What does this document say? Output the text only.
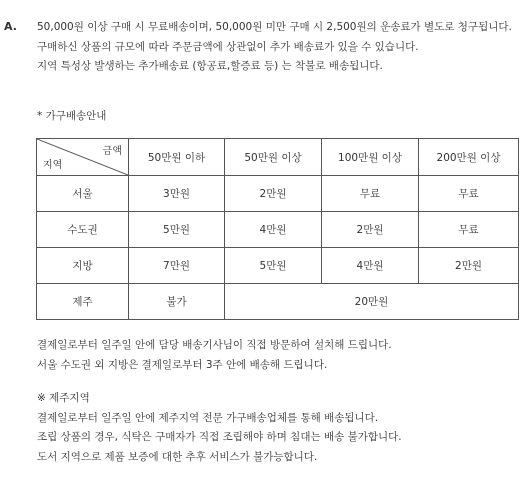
A. 50,000원 이상 구매 시 무료배송이며, 50,000원 미만 구매 시 2,500원의 운송료가 별도로 청구됩니다.
구매하신 상품의 규모에 따라 주문금액에 상관없이 추가 배송료가 있을 수 있습니다.
지역 특성상 발생하는 추가배송료 (항공료,할증료 등) 는 착불로 배송됩니다.
* 가구배송안내
금액
지역	50만원 이하	50만원 이상	100만원 이상	200만원 이상
서울	3만원	2만원	무료	무료
수도권	5만원	4만원	2만원	무료
지방	7만원	5만원	4만원	2만원
제주	불가	20만원		
결제일로부터 일주일 안에 담당 배송기사님이 직접 방문하여 설치해 드립니다.
서울 수도권 외 지방은 결제일로부터 3주 안에 배송해 드립니다.
※ 제주지역
결제일로부터 일주일 안에 제주지역 전문 가구배송업체를 통해 배송됩니다.
조립 상품의 경우, 식탁은 구매자가 직접 조립해야 하며 침대는 배송 불가합니다.
도서 지역으로 제품 보증에 대한 추후 서비스가 불가능합니다.
